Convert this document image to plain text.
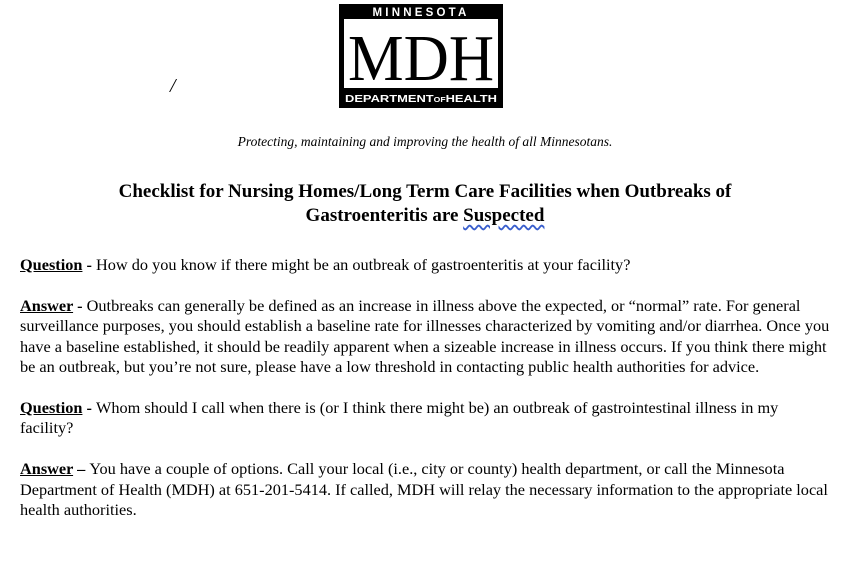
/
MINNESOTA
MDH
DEPARTMENT OF HEALTH
Protecting, maintaining and improving the health of all Minnesotans.
Checklist for Nursing Homes/Long Term Care Facilities when Outbreaks of
Gastroenteritis are Suspected

Question - How do you know if there might be an outbreak of gastroenteritis at your facility?

Answer - Outbreaks can generally be defined as an increase in illness above the expected, or “normal” rate. For general surveillance purposes, you should establish a baseline rate for illnesses characterized by vomiting and/or diarrhea. Once you have a baseline established, it should be readily apparent when a sizeable increase in illness occurs. If you think there might be an outbreak, but you’re not sure, please have a low threshold in contacting public health authorities for advice.

Question - Whom should I call when there is (or I think there might be) an outbreak of gastrointestinal illness in my facility?

Answer – You have a couple of options. Call your local (i.e., city or county) health department, or call the Minnesota Department of Health (MDH) at 651-201-5414. If called, MDH will relay the necessary information to the appropriate local health authorities.
